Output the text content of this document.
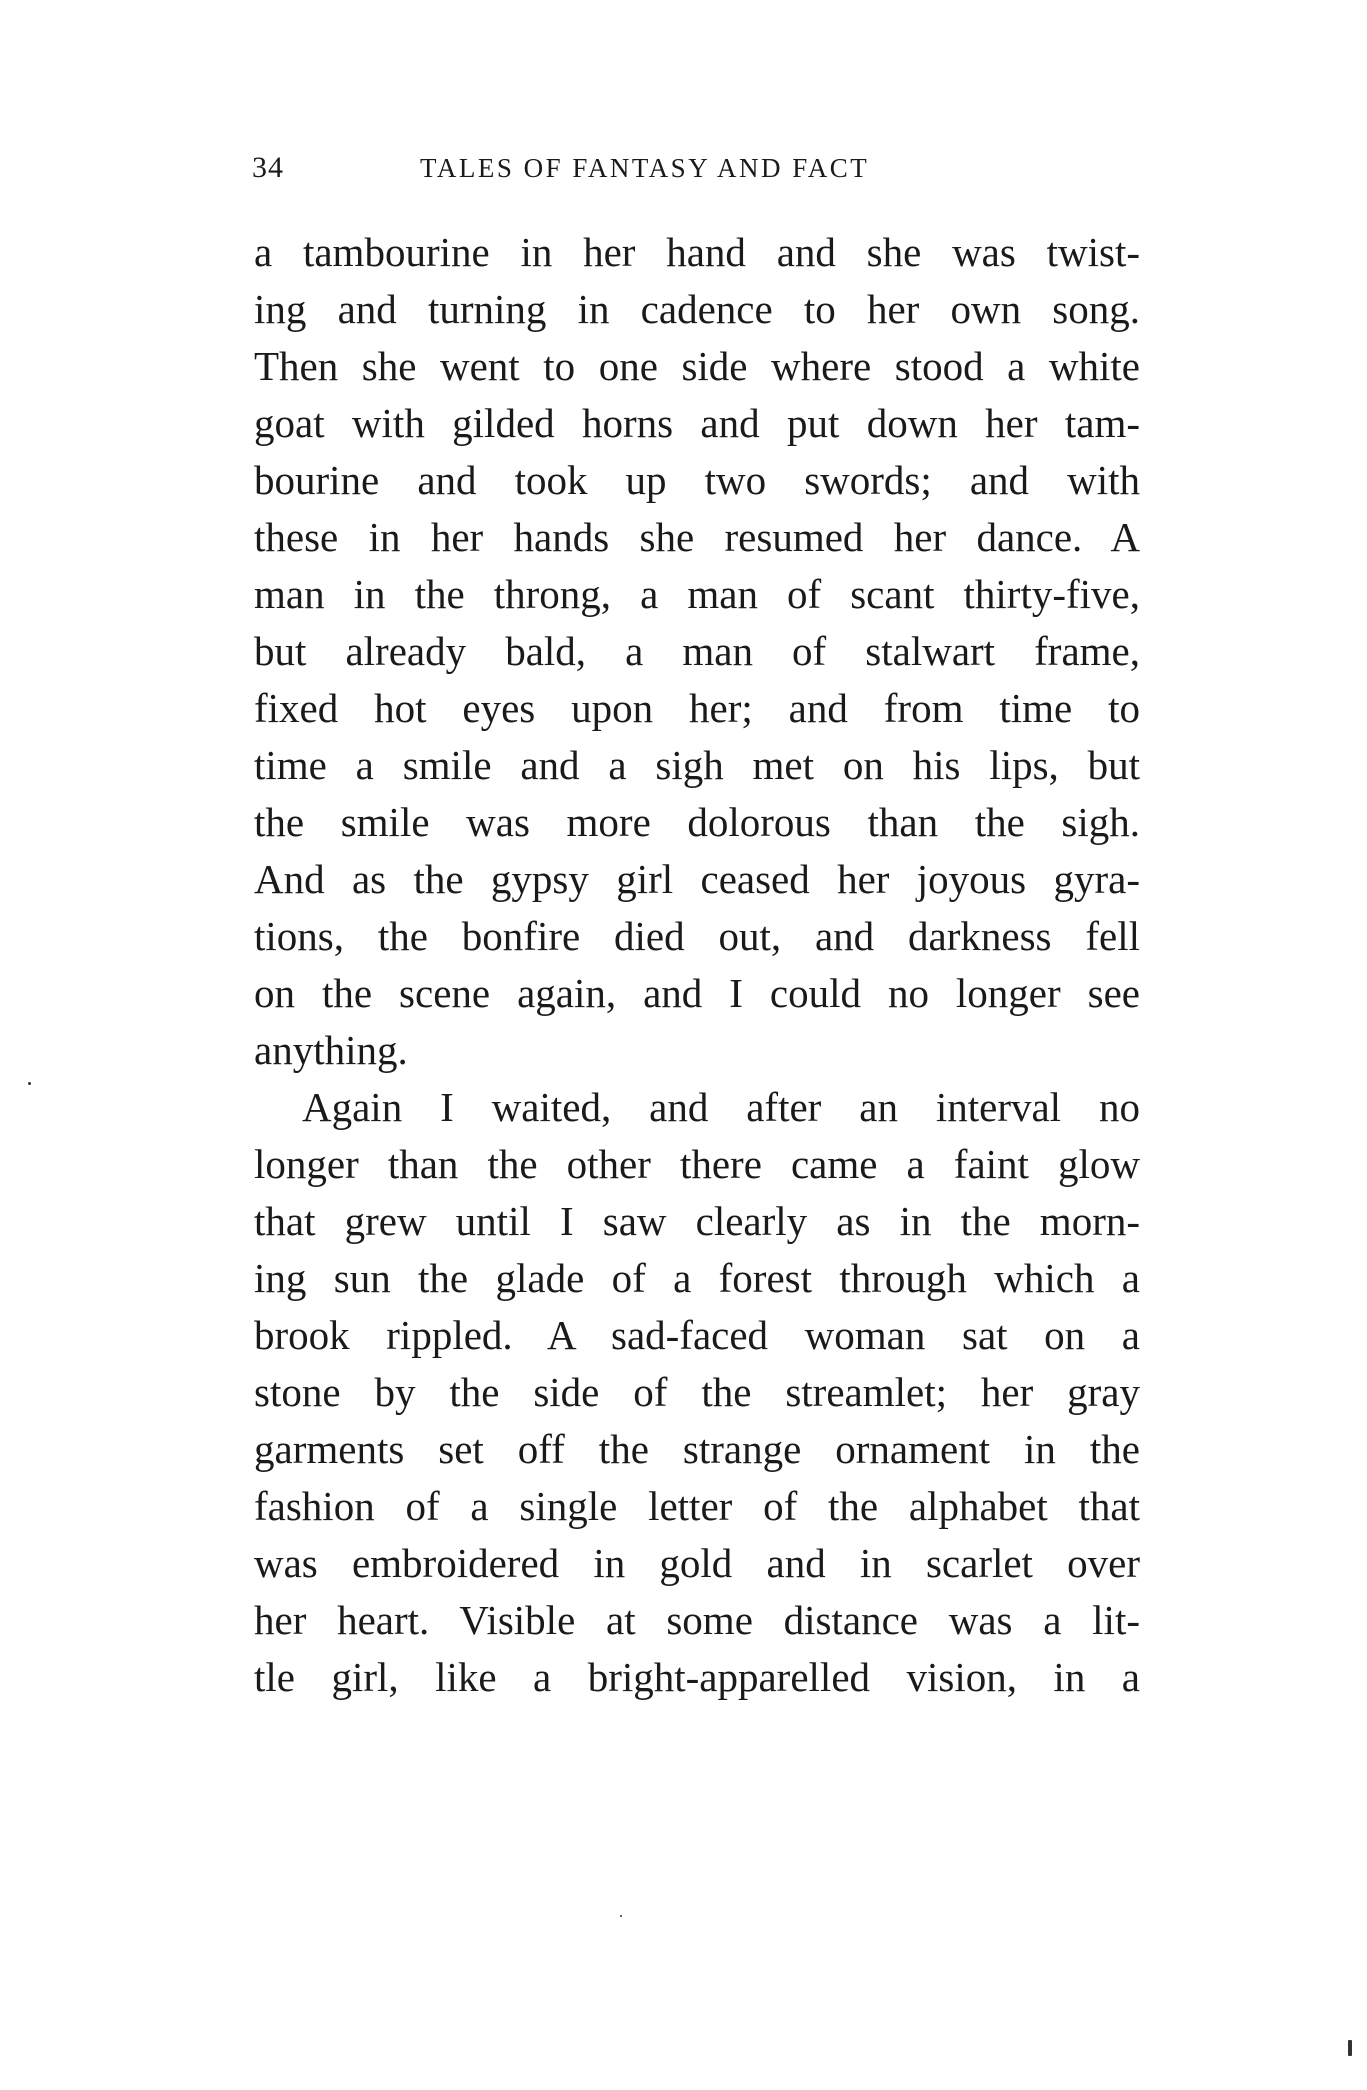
34	TALES OF FANTASY AND FACT
a tambourine in her hand and she was twist-
ing and turning in cadence to her own song.
Then she went to one side where stood a white
goat with gilded horns and put down her tam-
bourine and took up two swords; and with
these in her hands she resumed her dance. A
man in the throng, a man of scant thirty-five,
but already bald, a man of stalwart frame,
fixed hot eyes upon her; and from time to
time a smile and a sigh met on his lips, but
the smile was more dolorous than the sigh.
And as the gypsy girl ceased her joyous gyra-
tions, the bonfire died out, and darkness fell
on the scene again, and I could no longer see
anything.
Again I waited, and after an interval no
longer than the other there came a faint glow
that grew until I saw clearly as in the morn-
ing sun the glade of a forest through which a
brook rippled. A sad-faced woman sat on a
stone by the side of the streamlet; her gray
garments set off the strange ornament in the
fashion of a single letter of the alphabet that
was embroidered in gold and in scarlet over
her heart. Visible at some distance was a lit-
tle girl, like a bright-apparelled vision, in a
